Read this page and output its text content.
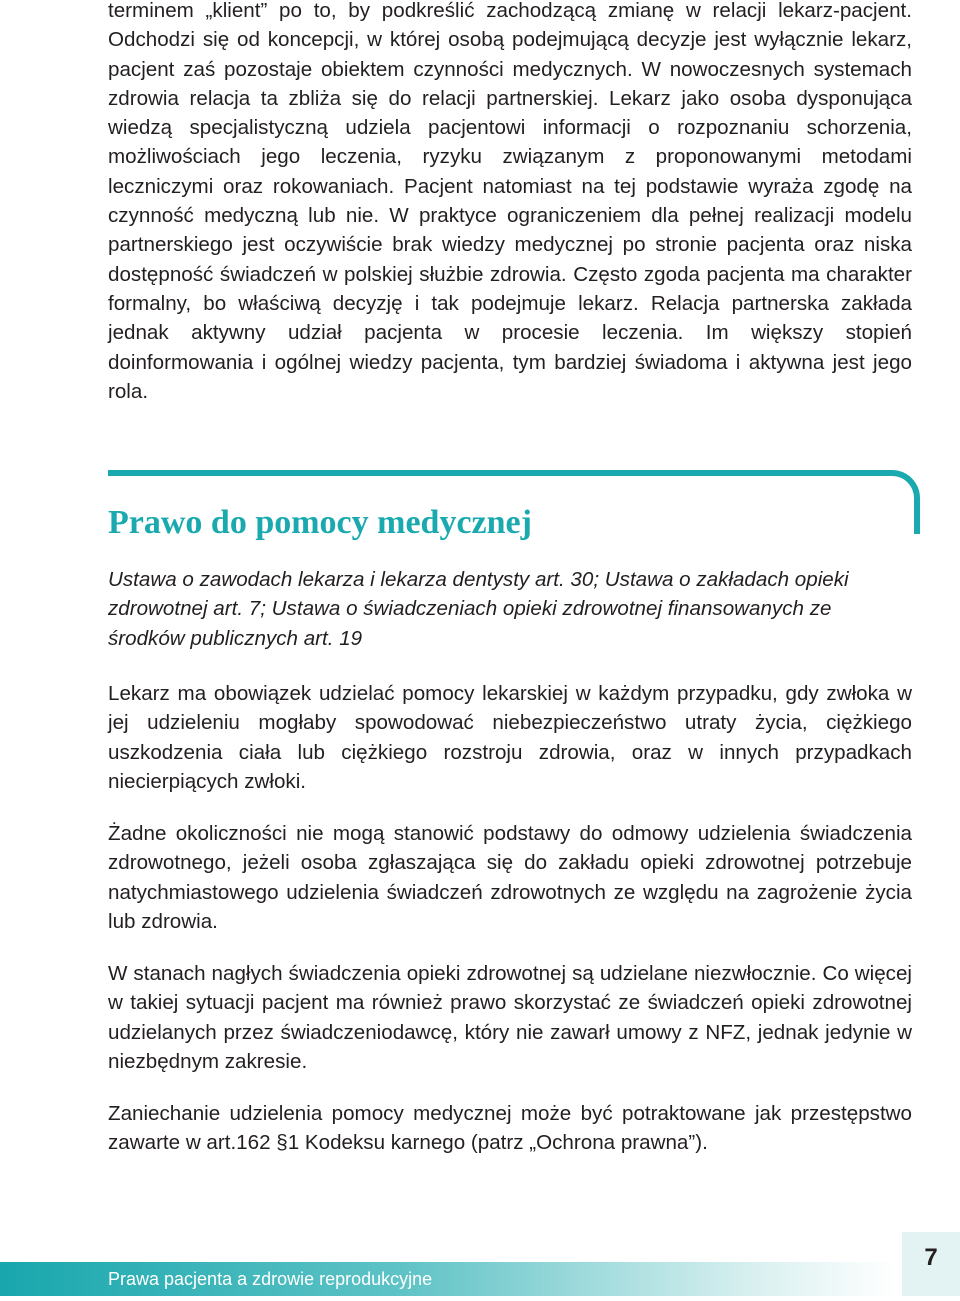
terminem „klient” po to, by podkreślić zachodzącą zmianę w relacji lekarz-pacjent. Odchodzi się od koncepcji, w której osobą podejmującą decyzje jest wyłącznie lekarz, pacjent zaś pozostaje obiektem czynności medycznych. W nowoczesnych systemach zdrowia relacja ta zbliża się do relacji partnerskiej. Lekarz jako osoba dysponująca wiedzą specjalistyczną udziela pacjentowi informacji o rozpoznaniu schorzenia, możliwościach jego leczenia, ryzyku związanym z proponowanymi metodami leczniczymi oraz rokowaniach. Pacjent natomiast na tej podstawie wyraża zgodę na czynność medyczną lub nie. W praktyce ograniczeniem dla pełnej realizacji modelu partnerskiego jest oczywiście brak wiedzy medycznej po stronie pacjenta oraz niska dostępność świadczeń w polskiej służbie zdrowia. Często zgoda pacjenta ma charakter formalny, bo właściwą decyzję i tak podejmuje lekarz. Relacja partnerska zakłada jednak aktywny udział pacjenta w procesie leczenia. Im większy stopień doinformowania i ogólnej wiedzy pacjenta, tym bardziej świadoma i aktywna jest jego rola.

Prawo do pomocy medycznej

Ustawa o zawodach lekarza i lekarza dentysty art. 30; Ustawa o zakładach opieki zdrowotnej art. 7; Ustawa o świadczeniach opieki zdrowotnej finansowanych ze środków publicznych art. 19

Lekarz ma obowiązek udzielać pomocy lekarskiej w każdym przypadku, gdy zwłoka w jej udzieleniu mogłaby spowodować niebezpieczeństwo utraty życia, ciężkiego uszkodzenia ciała lub ciężkiego rozstroju zdrowia, oraz w innych przypadkach niecierpiących zwłoki.

Żadne okoliczności nie mogą stanowić podstawy do odmowy udzielenia świadczenia zdrowotnego, jeżeli osoba zgłaszająca się do zakładu opieki zdrowotnej potrzebuje natychmiastowego udzielenia świadczeń zdrowotnych ze względu na zagrożenie życia lub zdrowia.

W stanach nagłych świadczenia opieki zdrowotnej są udzielane niezwłocznie. Co więcej w takiej sytuacji pacjent ma również prawo skorzystać ze świadczeń opieki zdrowotnej udzielanych przez świadczeniodawcę, który nie zawarł umowy z NFZ, jednak jedynie w niezbędnym zakresie.

Zaniechanie udzielenia pomocy medycznej może być potraktowane jak przestępstwo zawarte w art.162 §1 Kodeksu karnego (patrz „Ochrona prawna”).

Prawa pacjenta a zdrowie reprodukcyjne
7
